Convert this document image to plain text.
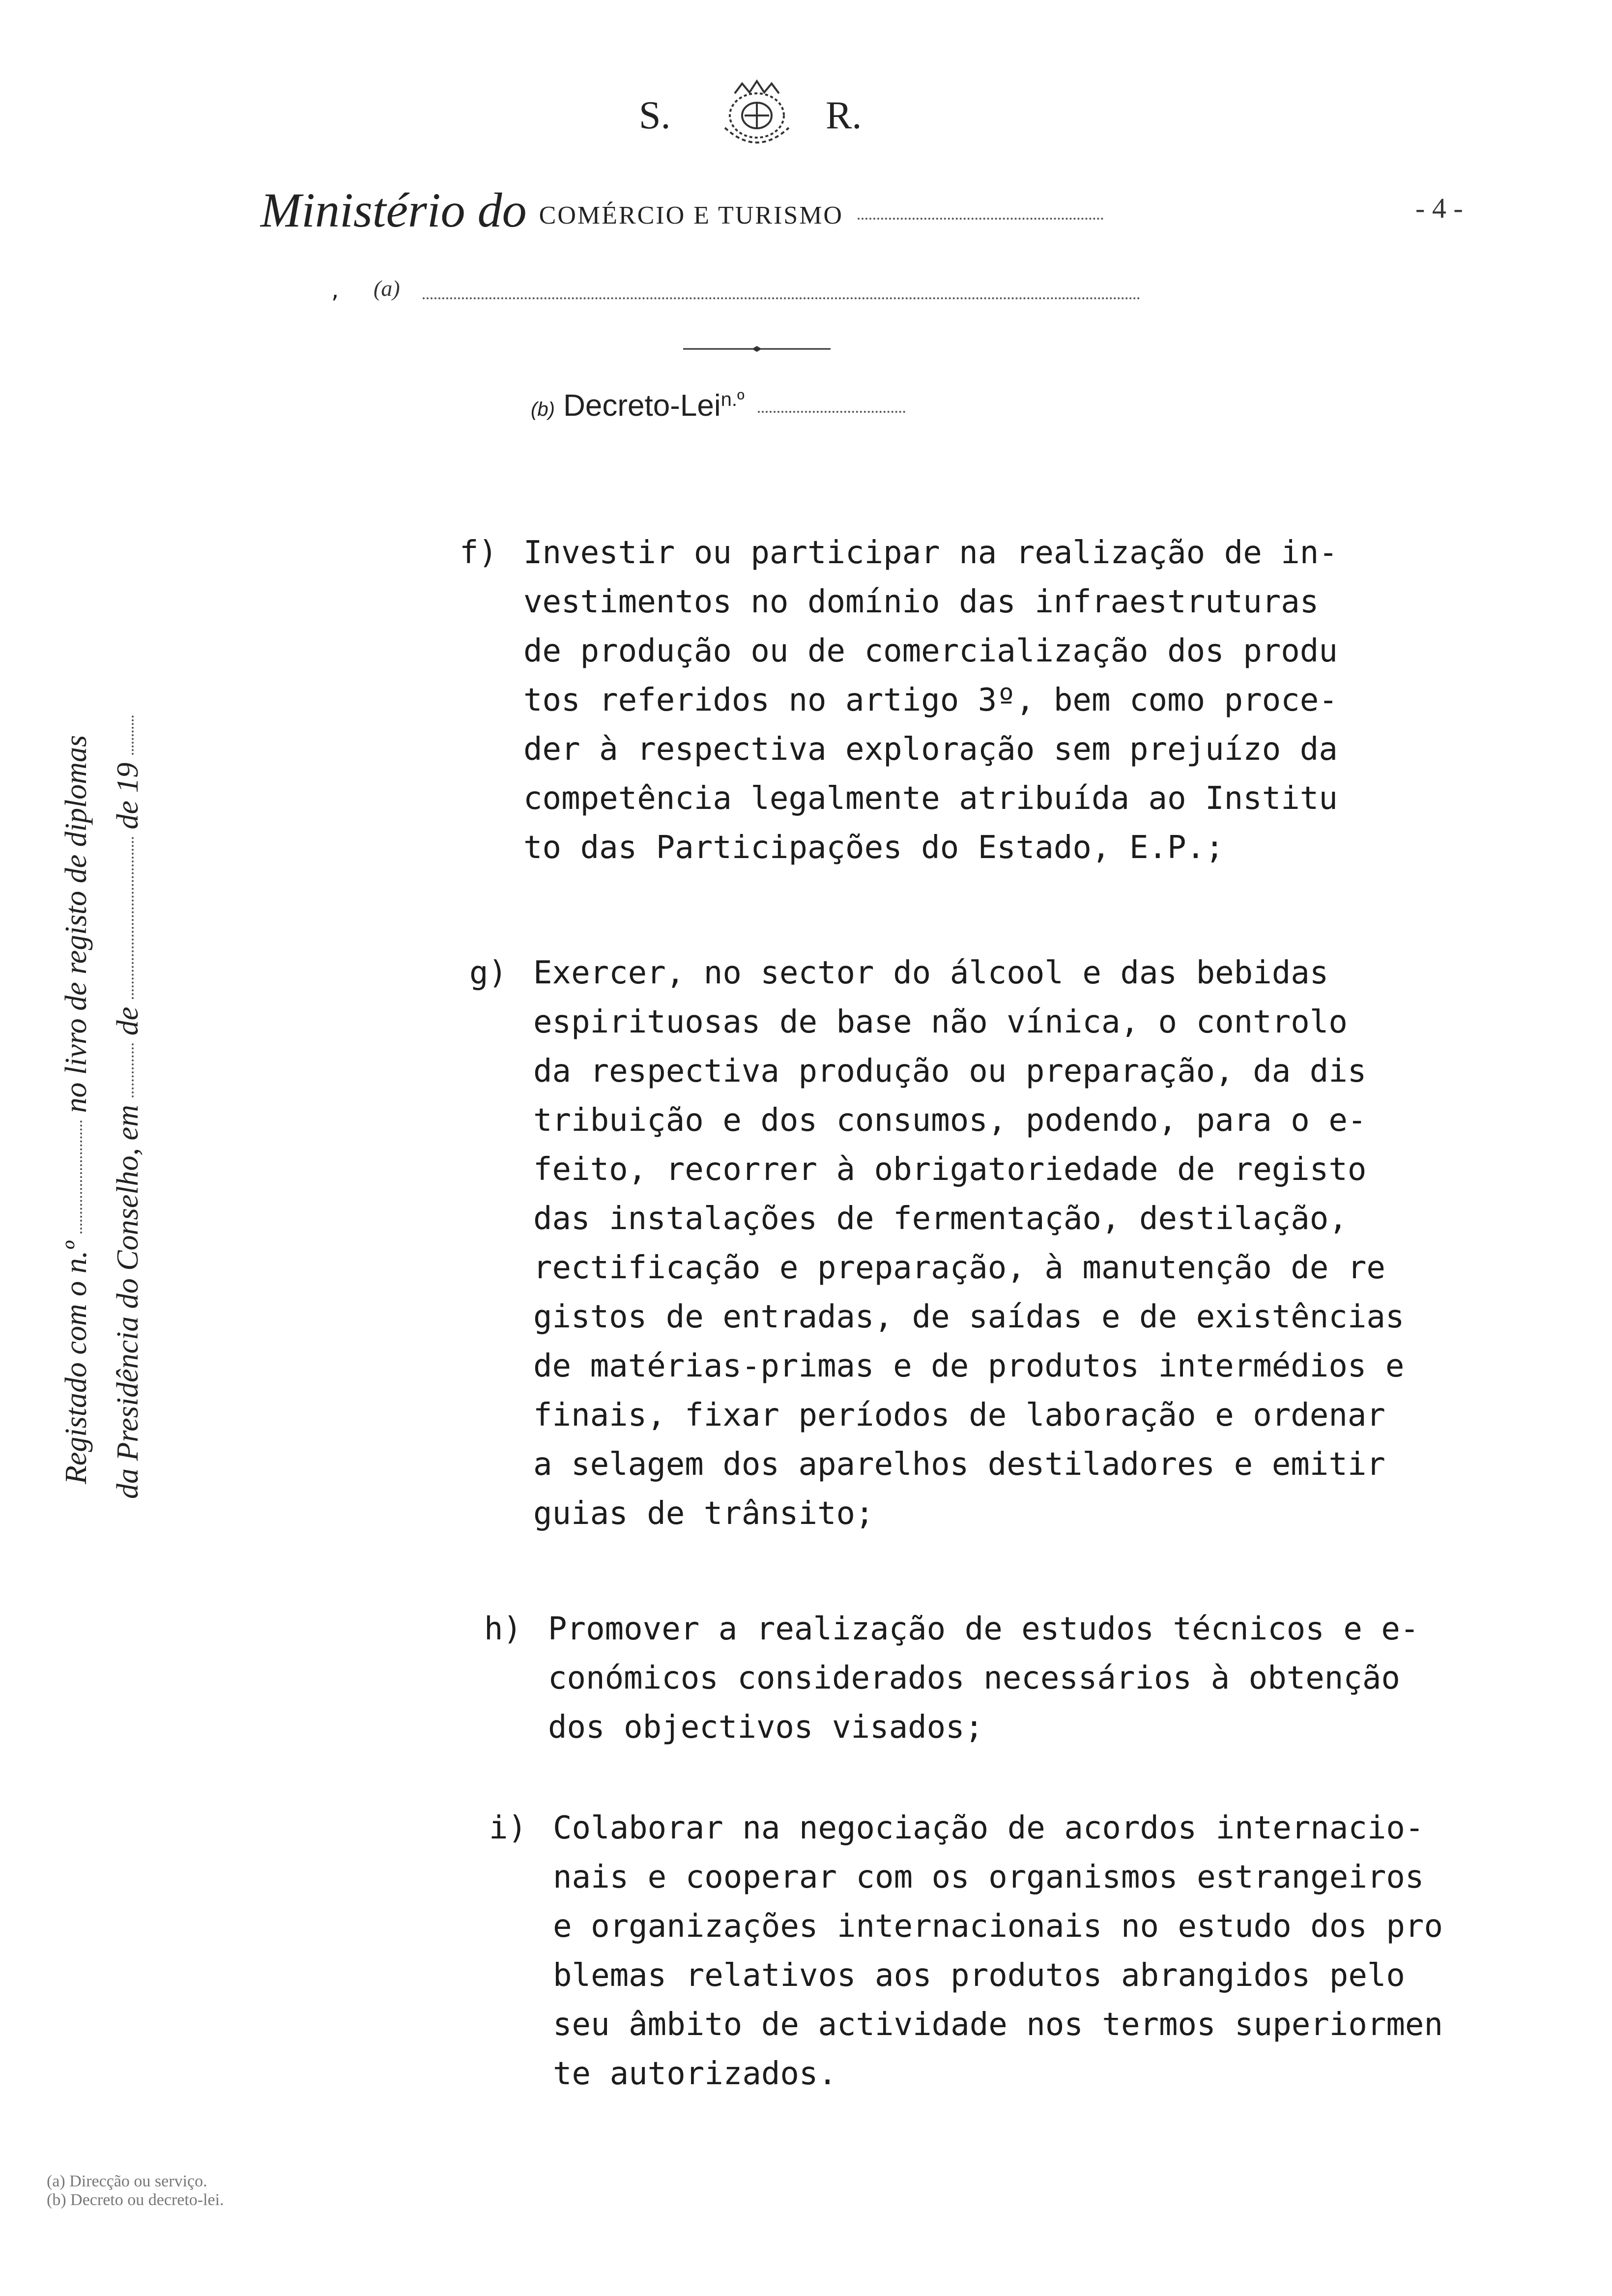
S.	R.
Ministério do COMÉRCIO E TURISMO	- 4 -
, (a)
(b) Decreto-Lei$^{n.º}$
Registado com o n.º  no livro de registo de diplomas
da Presidência do Conselho, em  de  de 19
f) Investir ou participar na realização de in-
vestimentos no domínio das infraestruturas
de produção ou de comercialização dos produ
tos referidos no artigo 3º, bem como proce-
der à respectiva exploração sem prejuízo da
competência legalmente atribuída ao Institu
to das Participações do Estado, E.P.;
g) Exercer, no sector do álcool e das bebidas
espirituosas de base não vínica, o controlo
da respectiva produção ou preparação, da dis
tribuição e dos consumos, podendo, para o e-
feito, recorrer à obrigatoriedade de registo
das instalações de fermentação, destilação,
rectificação e preparação, à manutenção de re
gistos de entradas, de saídas e de existências
de matérias-primas e de produtos intermédios e
finais, fixar períodos de laboração e ordenar
a selagem dos aparelhos destiladores e emitir
guias de trânsito;
h) Promover a realização de estudos técnicos e e-
conómicos considerados necessários à obtenção
dos objectivos visados;
i) Colaborar na negociação de acordos internacio-
nais e cooperar com os organismos estrangeiros
e organizações internacionais no estudo dos pro
blemas relativos aos produtos abrangidos pelo
seu âmbito de actividade nos termos superiormen
te autorizados.
(a) Direcção ou serviço.
(b) Decreto ou decreto-lei.
